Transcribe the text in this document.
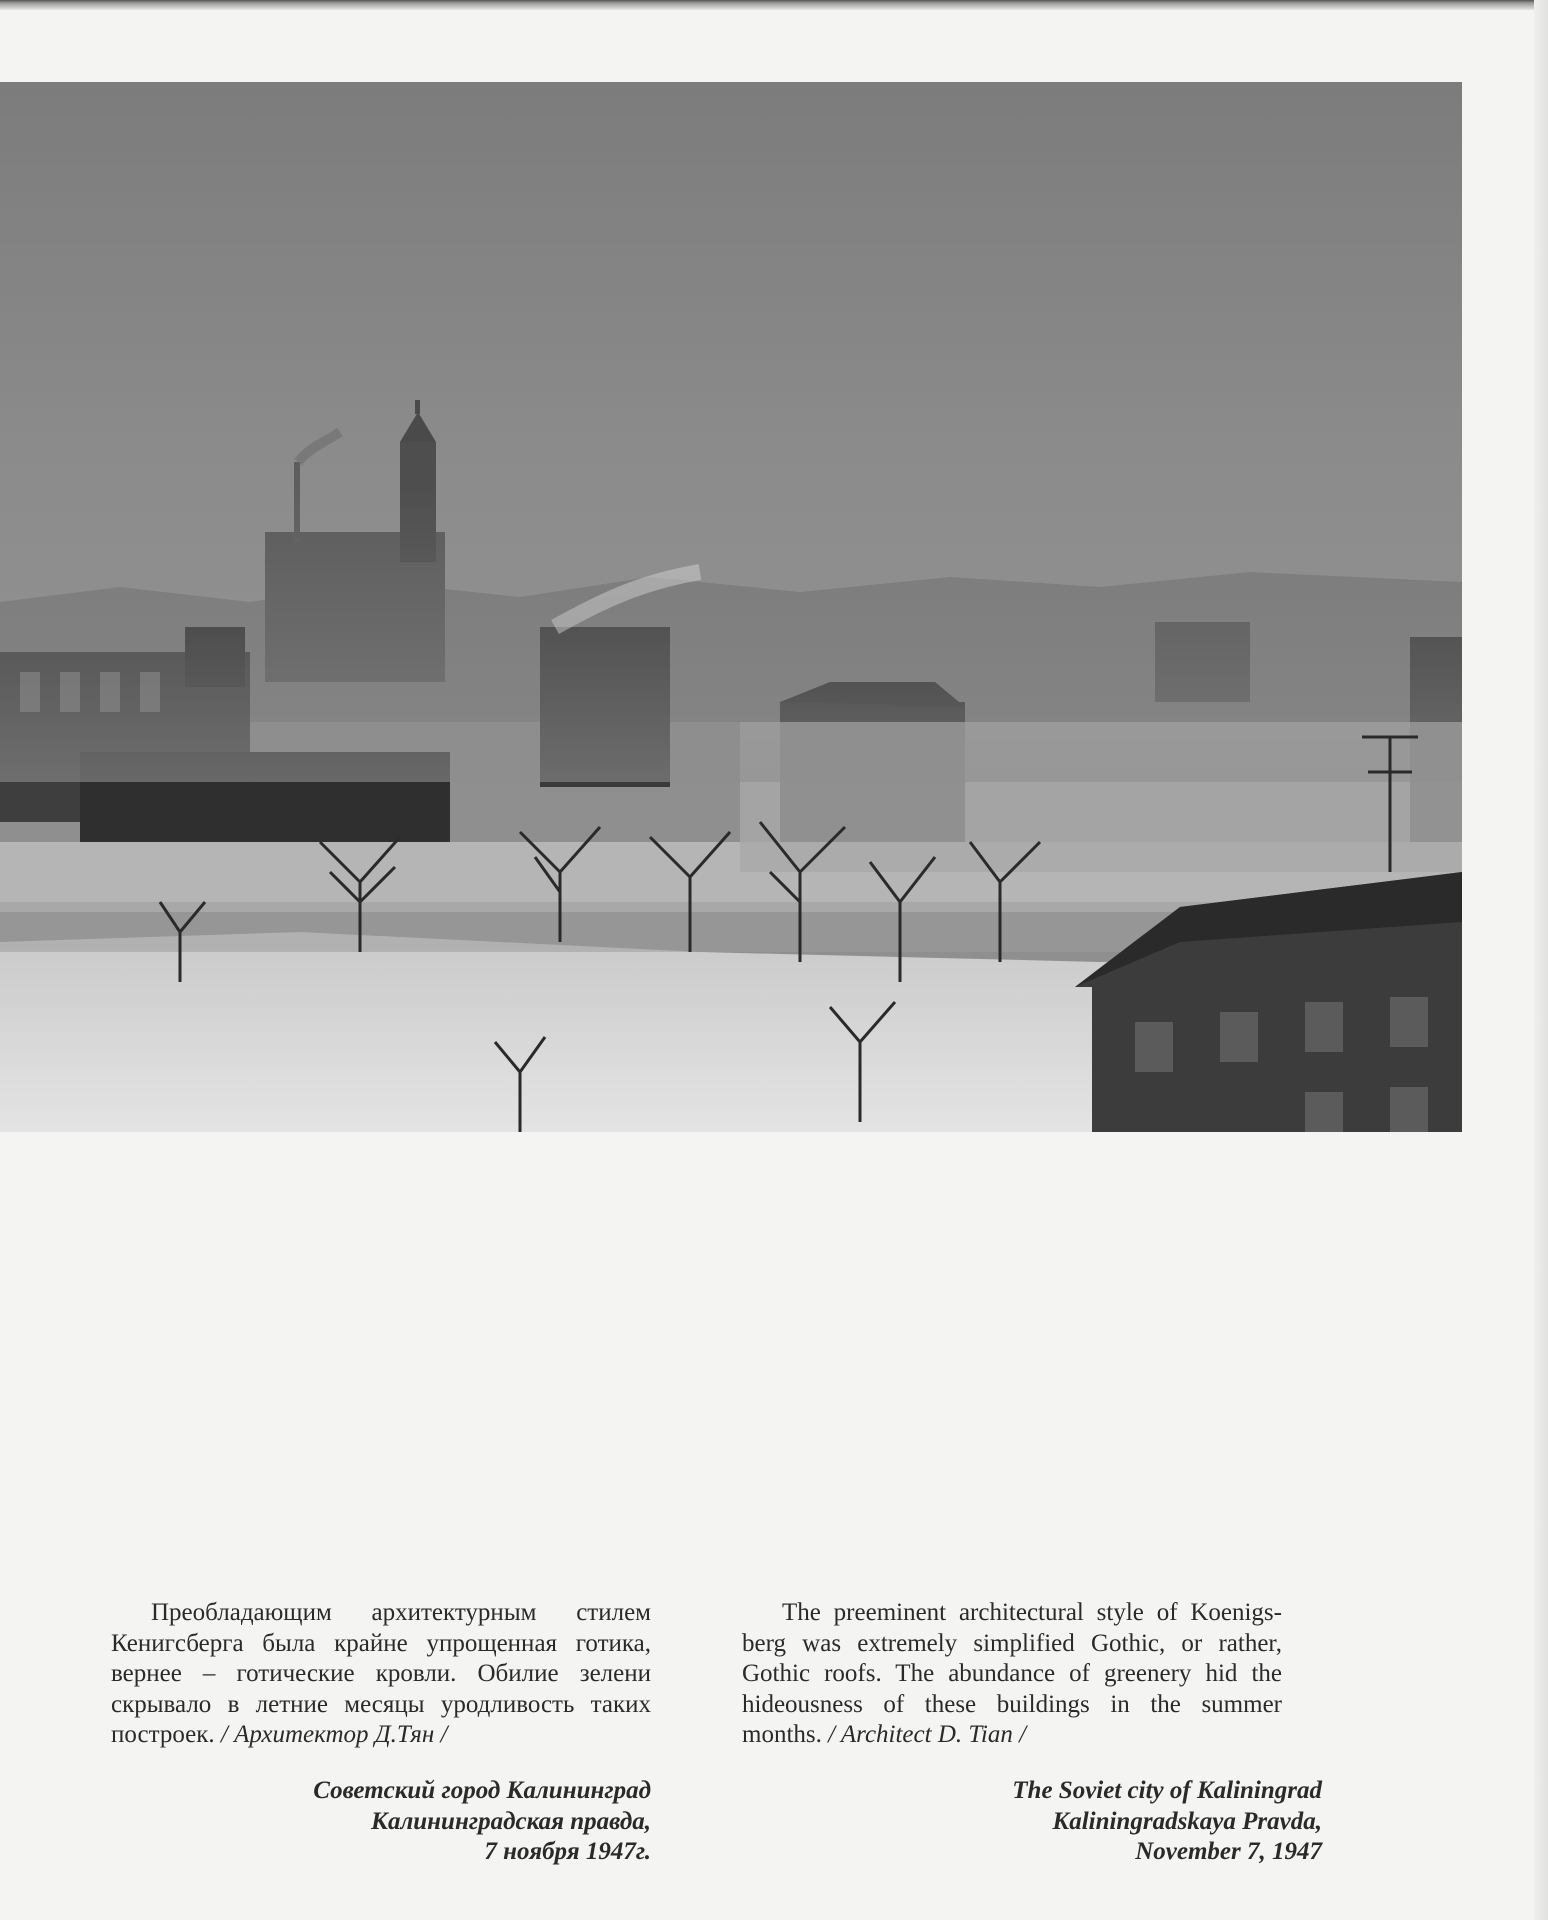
Преобладающим архитектурным стилем Кенигсберга была крайне упрощенная готика, вернее – готические кровли. Обилие зелени скрывало в летние месяцы уродливость таких построек. / Архитектор Д.Тян /

The preeminent architectural style of Koenigs-berg was extremely simplified Gothic, or rather, Gothic roofs. The abundance of greenery hid the hideousness of these buildings in the summer months. / Architect D. Tian /

Советский город Калининград
Калининградская правда,
7 ноября 1947г.
The Soviet city of Kaliningrad
Kaliningradskaya Pravda,
November 7, 1947
